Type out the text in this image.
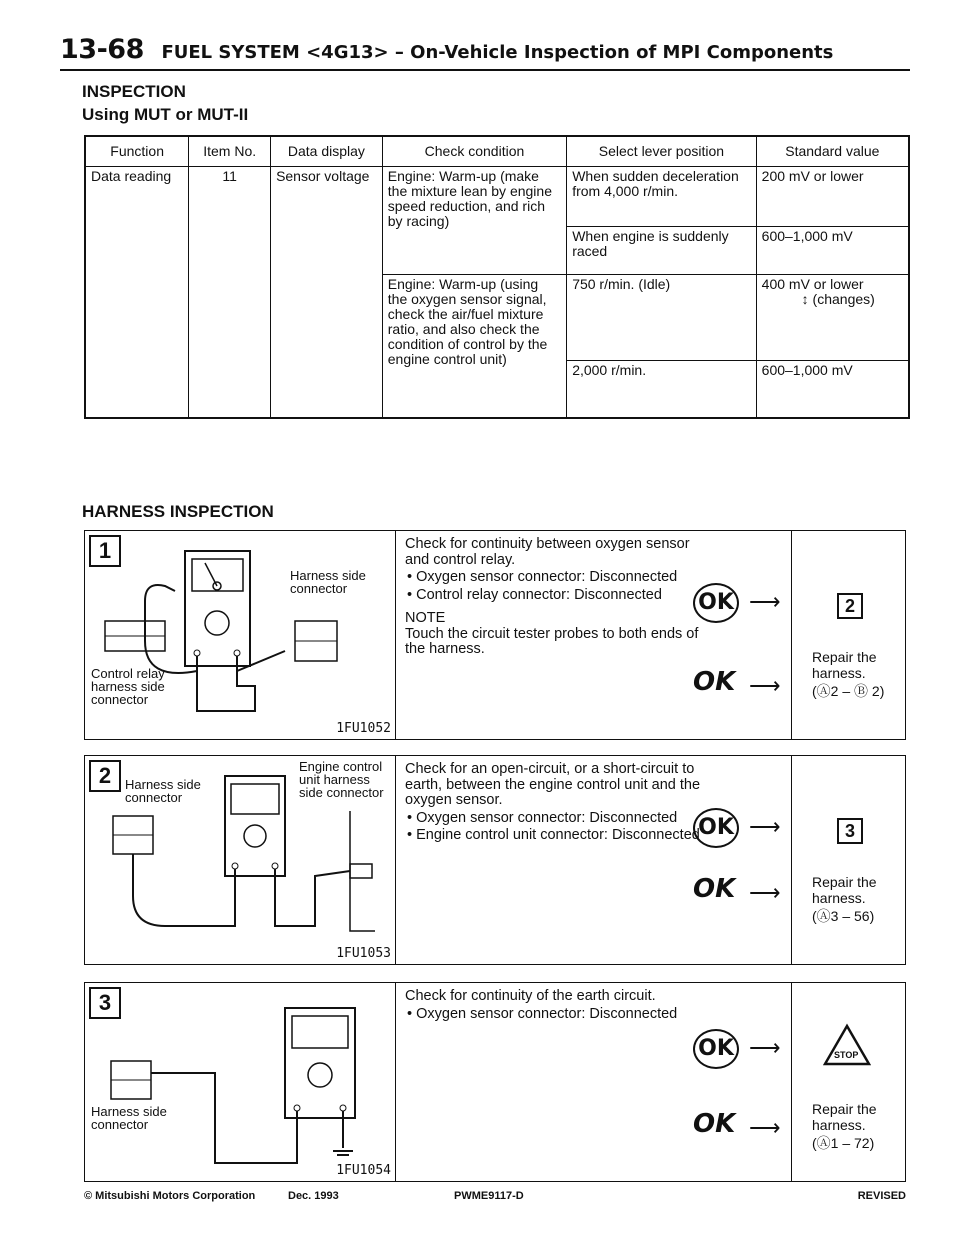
13-68 FUEL SYSTEM <4G13> – On-Vehicle Inspection of MPI Components
INSPECTION
Using MUT or MUT-II
Function	Item No.	Data display	Check condition	Select lever position	Standard value
Data reading	11	Sensor voltage	Engine: Warm-up (make the mixture lean by engine speed reduction, and rich by racing)	When sudden deceleration from 4,000 r/min.	200 mV or lower
				When engine is suddenly raced	600–1,000 mV
			Engine: Warm-up (using the oxygen sensor signal, check the air/fuel mixture ratio, and also check the condition of control by the engine control unit)	750 r/min. (Idle)	400 mV or lower
↕ (changes)

				2,000 r/min.	600–1,000 mV
HARNESS INSPECTION
1
Harness side connector
Control relay harness side connector
1FU1052
Check for continuity between oxygen sensor and control relay.
• Oxygen sensor connector: Disconnected
• Control relay connector: Disconnected
NOTE
Touch the circuit tester probes to both ends of the harness.
OK
OK
⟶
⟶
2
Repair the harness.
(Ⓐ2 – Ⓑ 2)
2	Harness side connector
Engine control unit harness side connector
1FU1053
Check for an open-circuit, or a short-circuit to earth, between the engine control unit and the oxygen sensor.
• Oxygen sensor connector: Disconnected
• Engine control unit connector: Disconnected
OK
OK
⟶
⟶
3
Repair the harness.
(Ⓐ3 – 56)
3
Harness side connector
1FU1054
Check for continuity of the earth circuit.
• Oxygen sensor connector: Disconnected
OK
OK
⟶
⟶
STOP
Repair the harness.
(Ⓐ1 – 72)
© Mitsubishi Motors Corporation	Dec. 1993	PWME9117-D	REVISED
